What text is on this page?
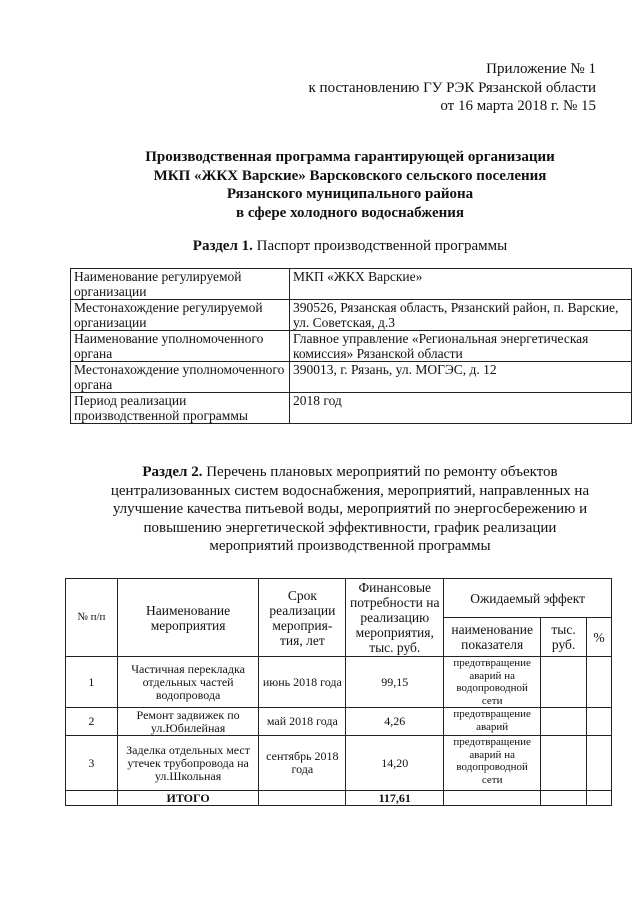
Приложение № 1
к постановлению ГУ РЭК Рязанской области
от 16 марта 2018 г. № 15
Производственная программа гарантирующей организации
МКП «ЖКХ Варские» Варсковского сельского поселения
Рязанского муниципального района
в сфере холодного водоснабжения
Раздел 1. Паспорт производственной программы
Наименование регулируемой организации	МКП «ЖКХ Варские»
Местонахождение регулируемой организации	390526, Рязанская область, Рязанский район, п. Варские, ул. Советская, д.3
Наименование уполномоченного органа	Главное управление «Региональная энергетическая комиссия» Рязанской области
Местонахождение уполномоченного органа	390013, г. Рязань, ул. МОГЭС, д. 12
Период реализации производственной программы	2018 год
Раздел 2. Перечень плановых мероприятий по ремонту объектов
централизованных систем водоснабжения, мероприятий, направленных на
улучшение качества питьевой воды, мероприятий по энергосбережению и
повышению энергетической эффективности, график реализации
мероприятий производственной программы
№ п/п	Наименование мероприятия	Срок реализации мероприя-тия, лет	Финансовые потребности на реализацию мероприятия, тыс. руб.	Ожидаемый эффект		
				наименование показателя	тыс. руб.	%
1	Частичная перекладка отдельных частей водопровода	июнь 2018 года	99,15	предотвращение аварий на водопроводной сети		
2	Ремонт задвижек по ул.Юбилейная	май 2018 года	4,26	предотвращение аварий		
3	Заделка отдельных мест утечек трубопровода на ул.Школьная	сентябрь 2018 года	14,20	предотвращение аварий на водопроводной сети		
	ИТОГО		117,61			
